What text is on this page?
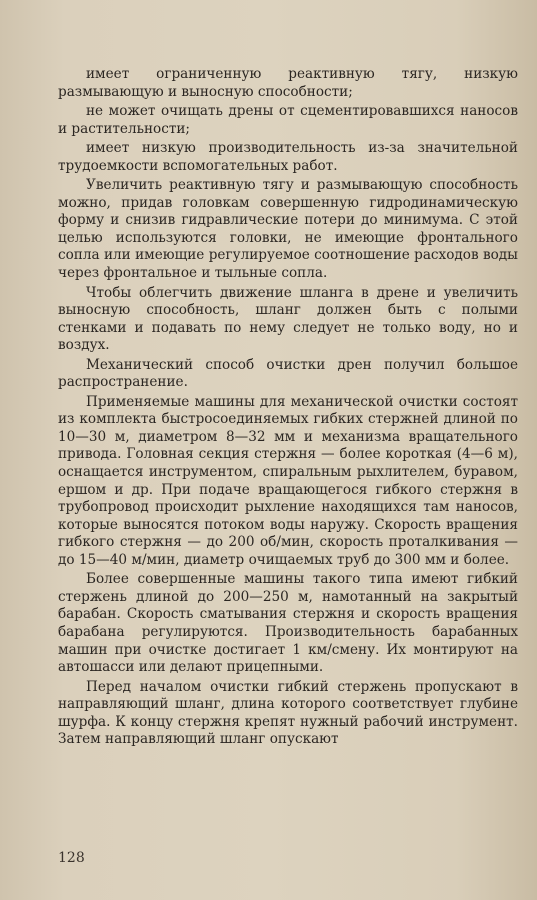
имеет ограниченную реактивную тягу, низкую размывающую и выносную способности;

не может очищать дрены от сцементировавшихся наносов и растительности;

имеет низкую производительность из-за значительной трудоемкости вспомогательных работ.

Увеличить реактивную тягу и размывающую способность можно, придав головкам совершенную гидродинамическую форму и снизив гидравлические потери до минимума. С этой целью используются головки, не имеющие фронтального сопла или имеющие регулируемое соотношение расходов воды через фронтальное и тыльные сопла.

Чтобы облегчить движение шланга в дрене и увеличить выносную способность, шланг должен быть с полыми стенками и подавать по нему следует не только воду, но и воздух.

Механический способ очистки дрен получил большое распространение.

Применяемые машины для механической очистки состоят из комплекта быстросоединяемых гибких стержней длиной по 10—30 м, диаметром 8—32 мм и механизма вращательного привода. Головная секция стержня — более короткая (4—6 м), оснащается инструментом, спиральным рыхлителем, буравом, ершом и др. При подаче вращающегося гибкого стержня в трубопровод происходит рыхление находящихся там наносов, которые выносятся потоком воды наружу. Скорость вращения гибкого стержня — до 200 об/мин, скорость проталкивания — до 15—40 м/мин, диаметр очищаемых труб до 300 мм и более.

Более совершенные машины такого типа имеют гибкий стержень длиной до 200—250 м, намотанный на закрытый барабан. Скорость сматывания стержня и скорость вращения барабана регулируются. Производительность барабанных машин при очистке достигает 1 км/смену. Их монтируют на автошасси или делают прицепными.

Перед началом очистки гибкий стержень пропускают в направляющий шланг, длина которого соответствует глубине шурфа. К концу стержня крепят нужный рабочий инструмент. Затем направляющий шланг опускают

128
